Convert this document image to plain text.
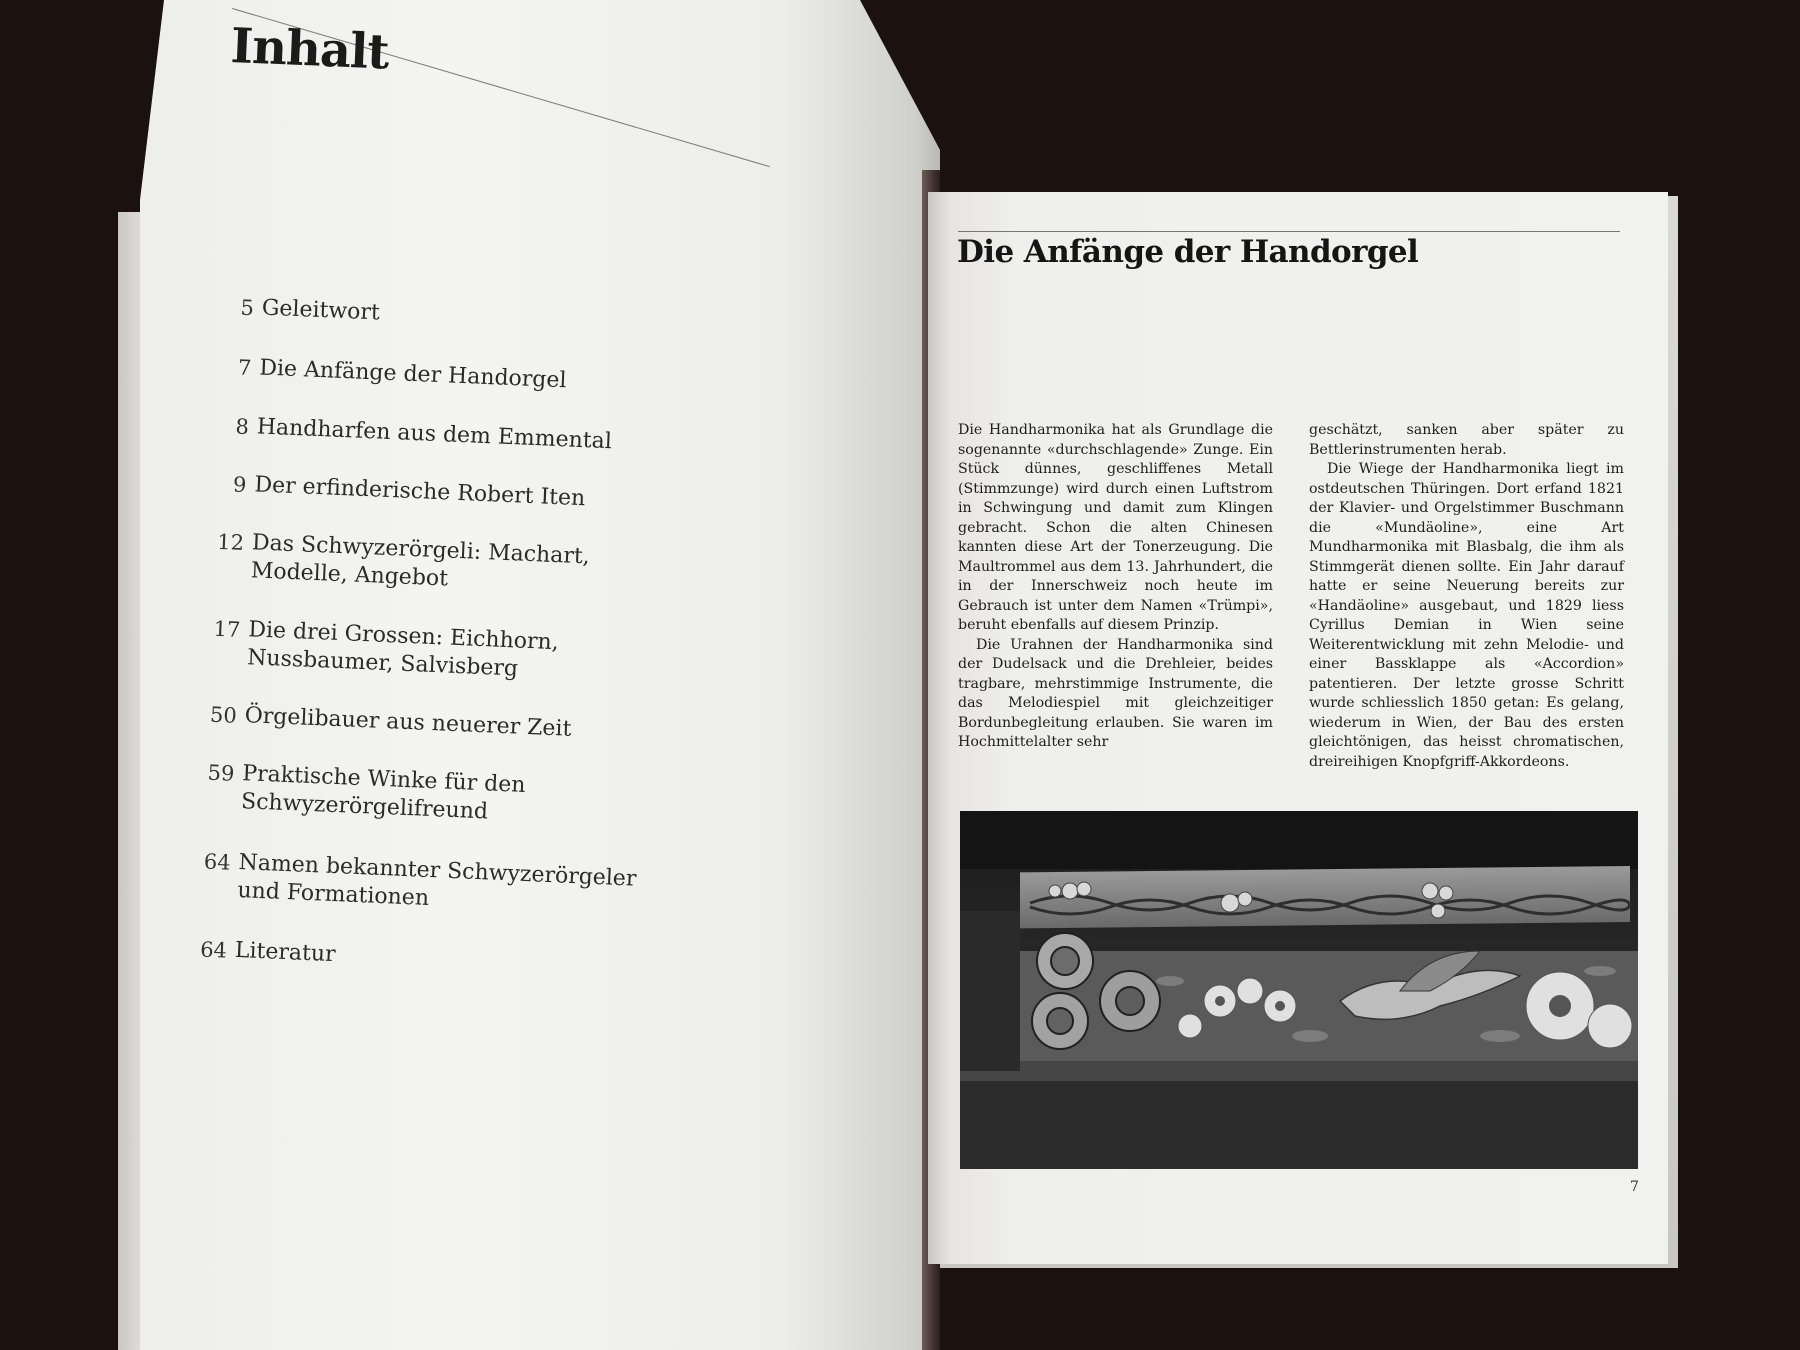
Inhalt
5 Geleitwort
7 Die Anfänge der Handorgel
8 Handharfen aus dem Emmental
9 Der erfinderische Robert Iten
12 Das Schwyzerörgeli: Machart, Modelle, Angebot
17 Die drei Grossen: Eichhorn, Nussbaumer, Salvisberg
50 Örgelibauer aus neuerer Zeit
59 Praktische Winke für den Schwyzerörgelifreund
64 Namen bekannter Schwyzerörgeler und Formationen
64 Literatur
Die Anfänge der Handorgel

Die Handharmonika hat als Grundlage die sogenannte «durchschlagende» Zunge. Ein Stück dünnes, geschliffenes Metall (Stimmzunge) wird durch einen Luftstrom in Schwingung und damit zum Klingen gebracht. Schon die alten Chinesen kannten diese Art der Tonerzeugung. Die Maultrommel aus dem 13. Jahrhundert, die in der Innerschweiz noch heute im Gebrauch ist unter dem Namen «Trümpi», beruht ebenfalls auf diesem Prinzip.

Die Urahnen der Handharmonika sind der Dudelsack und die Drehleier, beides tragbare, mehrstimmige Instrumente, die das Melodiespiel mit gleichzeitiger Bordunbegleitung erlauben. Sie waren im Hochmittelalter sehr

geschätzt, sanken aber später zu Bettlerinstrumenten herab.

Die Wiege der Handharmonika liegt im ostdeutschen Thüringen. Dort erfand 1821 der Klavier- und Orgelstimmer Buschmann die «Mundäoline», eine Art Mundharmonika mit Blasbalg, die ihm als Stimmgerät dienen sollte. Ein Jahr darauf hatte er seine Neuerung bereits zur «Handäoline» ausgebaut, und 1829 liess Cyrillus Demian in Wien seine Weiterentwicklung mit zehn Melodie- und einer Bassklappe als «Accordion» patentieren. Der letzte grosse Schritt wurde schliesslich 1850 getan: Es gelang, wiederum in Wien, der Bau des ersten gleichtönigen, das heisst chromatischen, dreireihigen Knopfgriff-Akkordeons.

7
